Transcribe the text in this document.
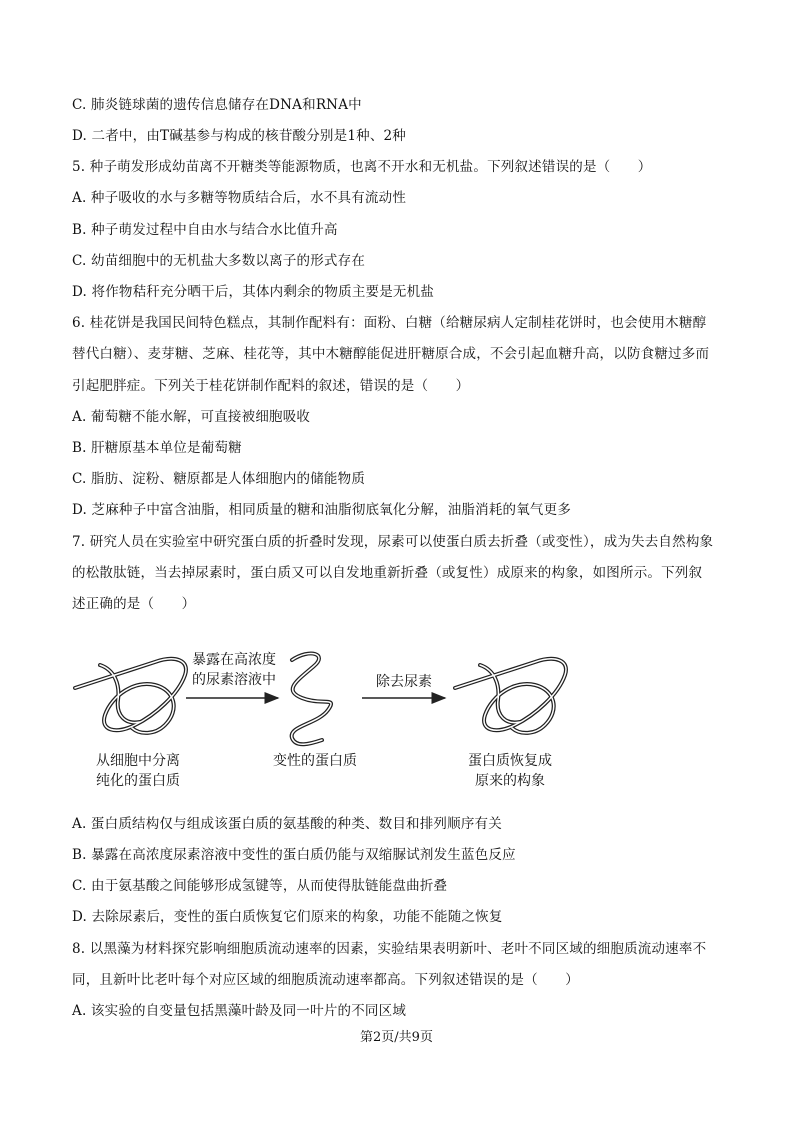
C. 肺炎链球菌的遗传信息储存在DNA和RNA中
D. 二者中，由T碱基参与构成的核苷酸分别是1种、2种
5. 种子萌发形成幼苗离不开糖类等能源物质，也离不开水和无机盐。下列叙述错误的是（　　）
A. 种子吸收的水与多糖等物质结合后，水不具有流动性
B. 种子萌发过程中自由水与结合水比值升高
C. 幼苗细胞中的无机盐大多数以离子的形式存在
D. 将作物秸秆充分晒干后，其体内剩余的物质主要是无机盐
6. 桂花饼是我国民间特色糕点，其制作配料有：面粉、白糖（给糖尿病人定制桂花饼时，也会使用木糖醇
替代白糖）、麦芽糖、芝麻、桂花等，其中木糖醇能促进肝糖原合成，不会引起血糖升高，以防食糖过多而
引起肥胖症。下列关于桂花饼制作配料的叙述，错误的是（　　）
A. 葡萄糖不能水解，可直接被细胞吸收
B. 肝糖原基本单位是葡萄糖
C. 脂肪、淀粉、糖原都是人体细胞内的储能物质
D. 芝麻种子中富含油脂，相同质量的糖和油脂彻底氧化分解，油脂消耗的氧气更多
7. 研究人员在实验室中研究蛋白质的折叠时发现，尿素可以使蛋白质去折叠（或变性），成为失去自然构象
的松散肽链，当去掉尿素时，蛋白质又可以自发地重新折叠（或复性）成原来的构象，如图所示。下列叙
述正确的是（　　）
暴露在高浓度
的尿素溶液中	除去尿素
从细胞中分离
纯化的蛋白质
变性的蛋白质	蛋白质恢复成
原来的构象
A. 蛋白质结构仅与组成该蛋白质的氨基酸的种类、数目和排列顺序有关
B. 暴露在高浓度尿素溶液中变性的蛋白质仍能与双缩脲试剂发生蓝色反应
C. 由于氨基酸之间能够形成氢键等，从而使得肽链能盘曲折叠
D. 去除尿素后，变性的蛋白质恢复它们原来的构象，功能不能随之恢复
8. 以黑藻为材料探究影响细胞质流动速率的因素，实验结果表明新叶、老叶不同区域的细胞质流动速率不
同，且新叶比老叶每个对应区域的细胞质流动速率都高。下列叙述错误的是（　　）
A. 该实验的自变量包括黑藻叶龄及同一叶片的不同区域
第2页/共9页
